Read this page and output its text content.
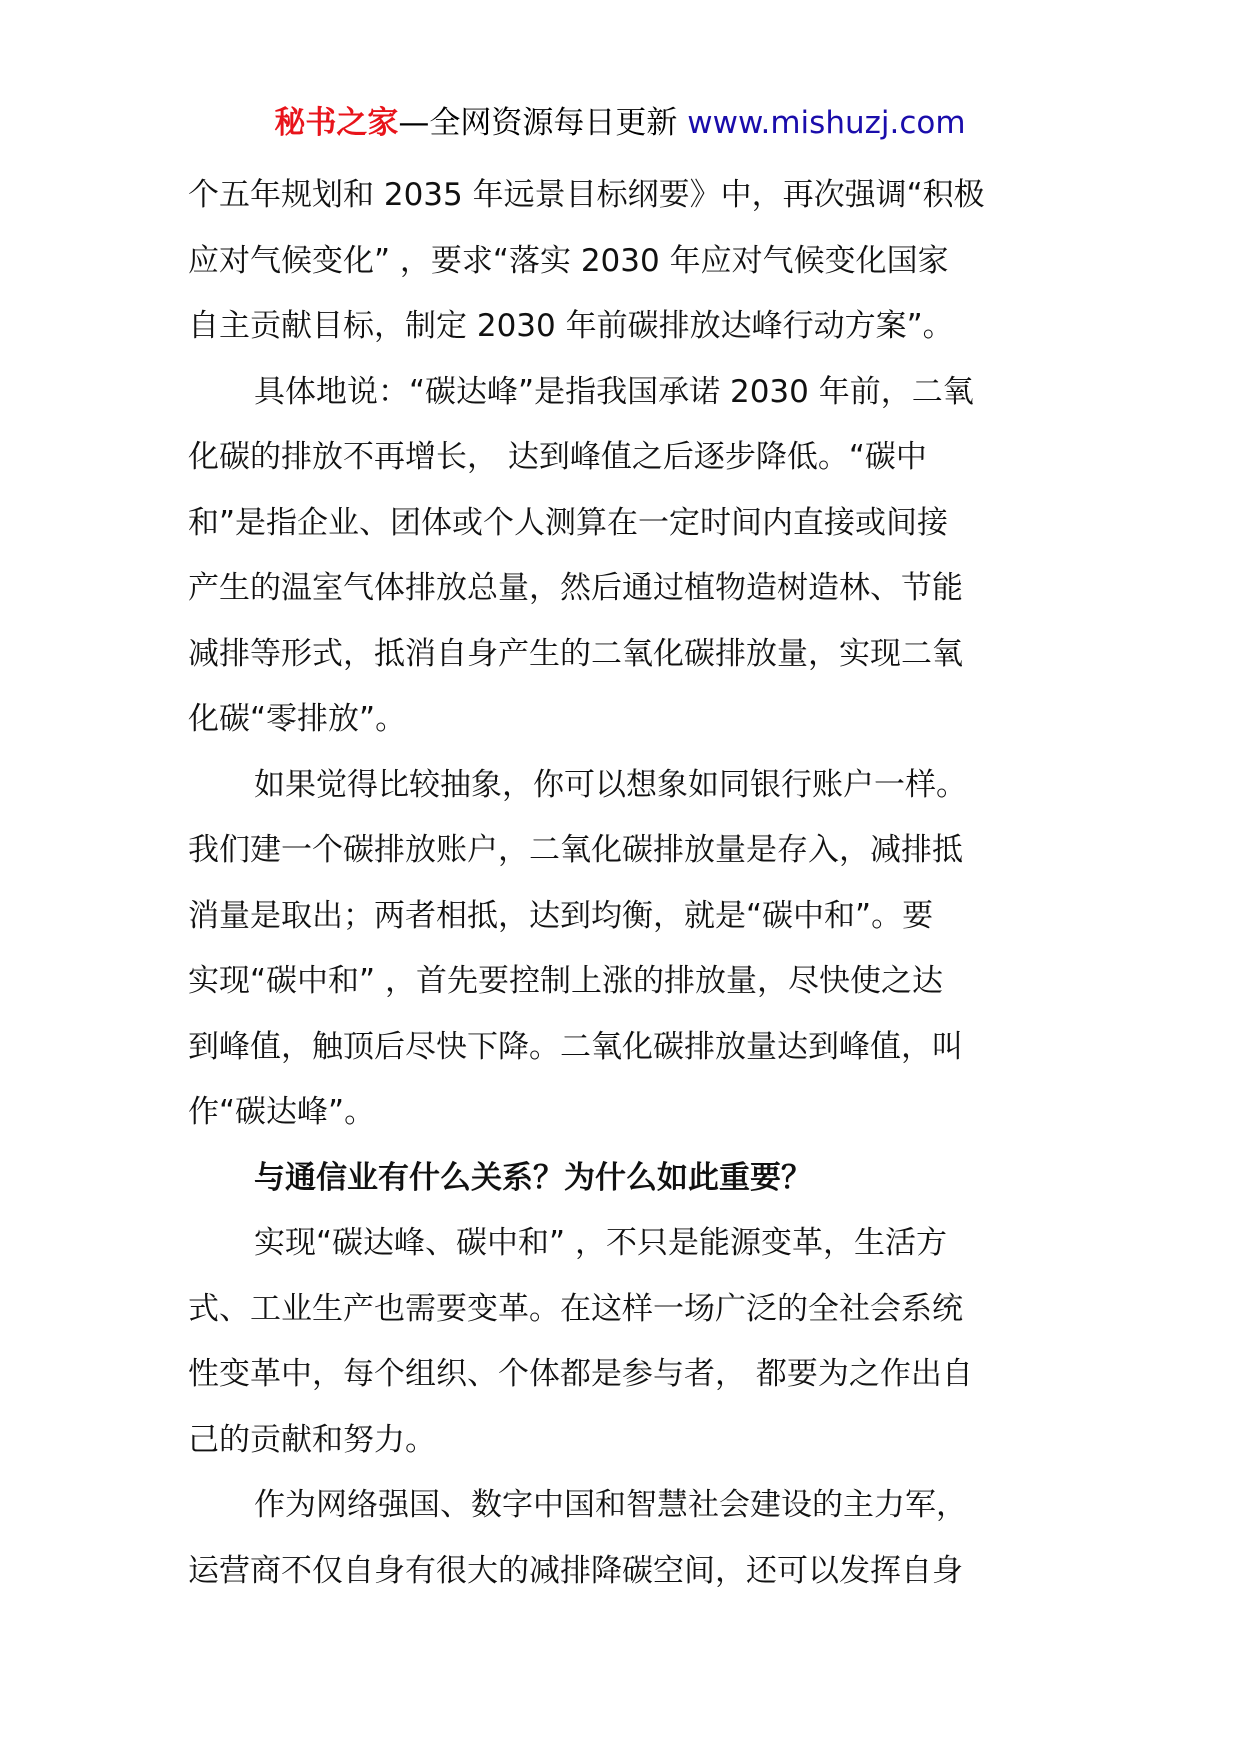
秘书之家—全网资源每日更新 www.mishuzj.com
个五年规划和 2035 年远景目标纲要》中，再次强调“积极
应对气候变化” ，要求“落实 2030 年应对气候变化国家
自主贡献目标，制定 2030 年前碳排放达峰行动方案”。
具体地说：“碳达峰”是指我国承诺 2030 年前，二氧
化碳的排放不再增长， 达到峰值之后逐步降低。“碳中
和”是指企业、团体或个人测算在一定时间内直接或间接
产生的温室气体排放总量，然后通过植物造树造林、节能
减排等形式，抵消自身产生的二氧化碳排放量，实现二氧
化碳“零排放”。
如果觉得比较抽象，你可以想象如同银行账户一样。
我们建一个碳排放账户，二氧化碳排放量是存入，减排抵
消量是取出；两者相抵，达到均衡，就是“碳中和”。要
实现“碳中和” ，首先要控制上涨的排放量，尽快使之达
到峰值，触顶后尽快下降。二氧化碳排放量达到峰值，叫
作“碳达峰”。
与通信业有什么关系？为什么如此重要？
实现“碳达峰、碳中和” ，不只是能源变革，生活方
式、工业生产也需要变革。在这样一场广泛的全社会系统
性变革中，每个组织、个体都是参与者， 都要为之作出自
己的贡献和努力。
作为网络强国、数字中国和智慧社会建设的主力军，
运营商不仅自身有很大的减排降碳空间，还可以发挥自身
